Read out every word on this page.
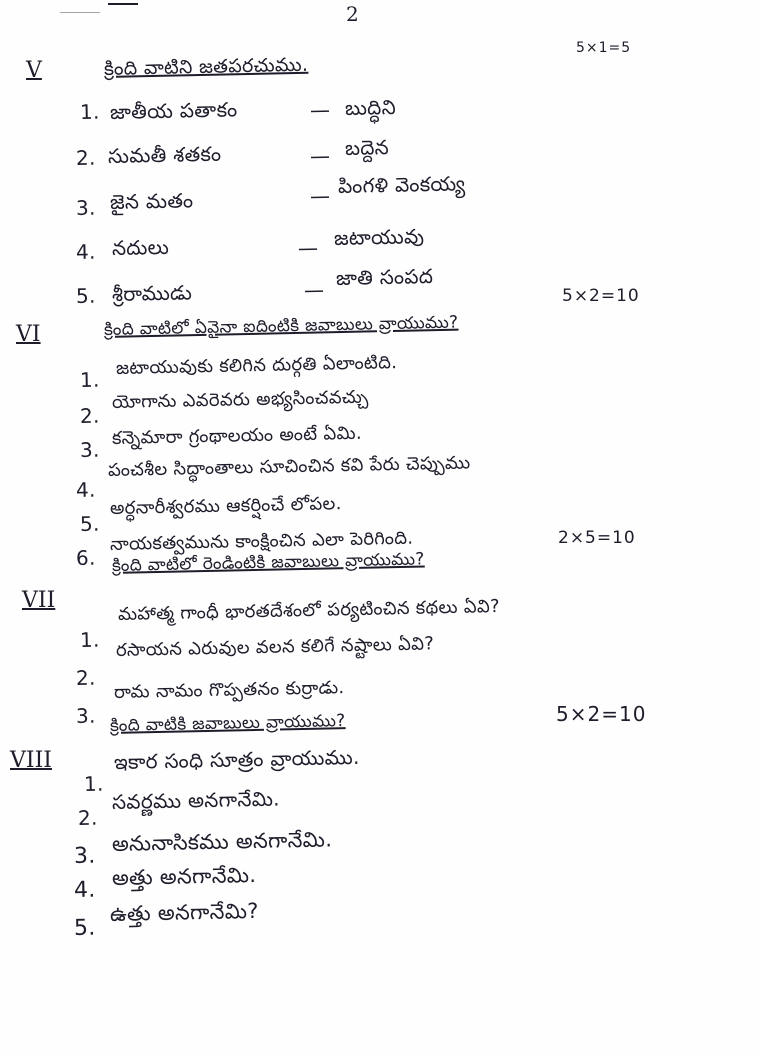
2
V	క్రింది వాటిని జతపరచుము.
5×1=5
1. జాతీయ పతాకం	— బుద్ధిని
2. సుమతీ శతకం	— బద్దెన
3. జైన మతం	— పింగళి వెంకయ్య
4. నదులు	— జటాయువు
5. శ్రీరాముడు	— జాతి సంపద
VI	క్రింది వాటిలో ఏవైనా ఐదింటికి జవాబులు వ్రాయుము?
5×2=10
1.
జటాయువుకు కలిగిన దుర్గతి ఏలాంటిది.
2.
యోగాను ఎవరెవరు అభ్యసించవచ్చు
3.
కన్నెమారా గ్రంథాలయం అంటే ఏమి.
4.
పంచశీల సిద్ధాంతాలు సూచించిన కవి పేరు చెప్పుము
5.
అర్ధనారీశ్వరము ఆకర్షించే లోపల.
6.
నాయకత్వమును కాంక్షించిన ఎలా పెరిగింది.
VII
క్రింది వాటిలో రెండింటికి జవాబులు వ్రాయుము?
2×5=10
1.
మహాత్మ గాంధీ భారతదేశంలో పర్యటించిన కథలు ఏవి?
2.
రసాయన ఎరువుల వలన కలిగే నష్టాలు ఏవి?
3.
రామ నామం గొప్పతనం కుర్రాడు.
VIII
క్రింది వాటికి జవాబులు వ్రాయుము?	5×2=10
1.
ఇకార సంధి సూత్రం వ్రాయుము.
2.
సవర్ణము అనగానేమి.
3.
అనునాసికము అనగానేమి.
4.
అత్తు అనగానేమి.
5.
ఉత్తు అనగానేమి?
